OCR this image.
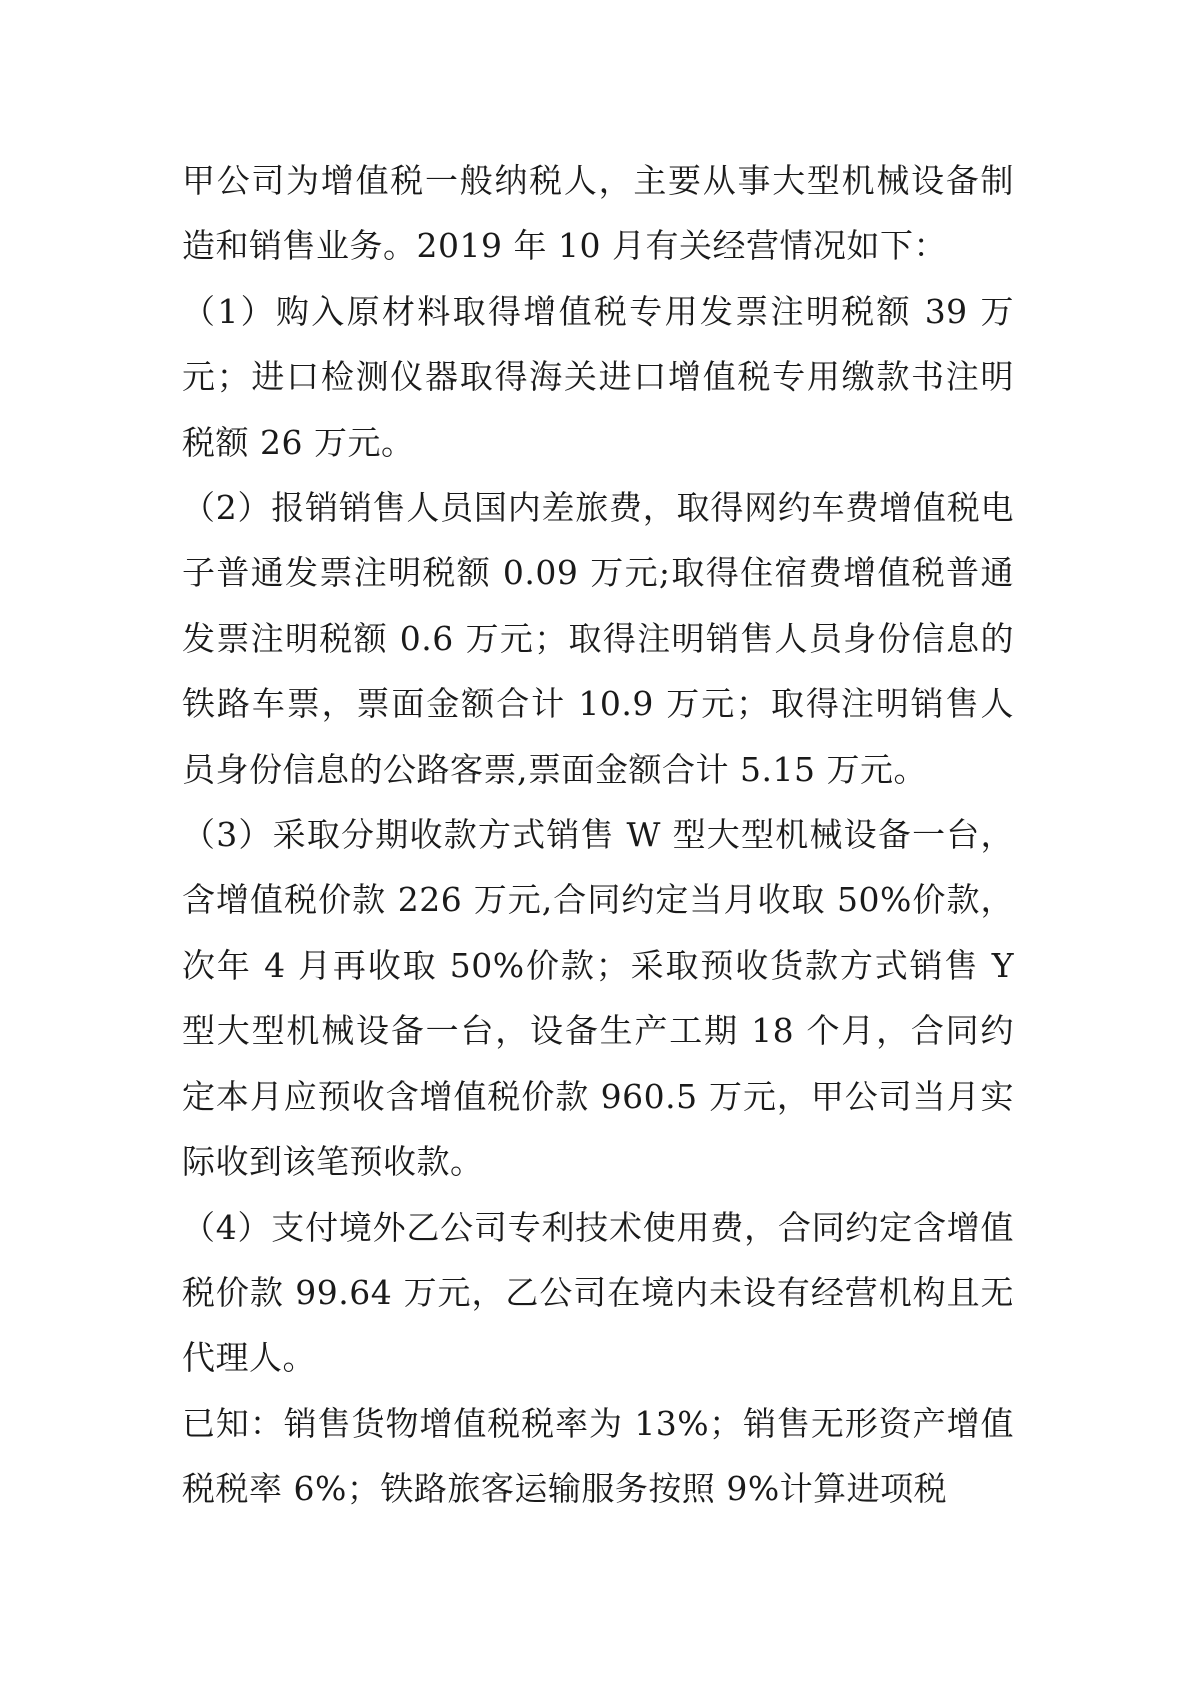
甲公司为增值税一般纳税人，主要从事大型机械设备制造和销售业务。2019 年 10 月有关经营情况如下：

（1）购入原材料取得增值税专用发票注明税额 39 万元；进口检测仪器取得海关进口增值税专用缴款书注明税额 26 万元。

（2）报销销售人员国内差旅费，取得网约车费增值税电子普通发票注明税额 0.09 万元;取得住宿费增值税普通发票注明税额 0.6 万元；取得注明销售人员身份信息的铁路车票，票面金额合计 10.9 万元；取得注明销售人员身份信息的公路客票,票面金额合计 5.15 万元。

（3）采取分期收款方式销售 W 型大型机械设备一台，含增值税价款 226 万元,合同约定当月收取 50%价款，次年 4 月再收取 50%价款；采取预收货款方式销售 Y 型大型机械设备一台，设备生产工期 18 个月，合同约定本月应预收含增值税价款 960.5 万元，甲公司当月实际收到该笔预收款。

（4）支付境外乙公司专利技术使用费，合同约定含增值税价款 99.64 万元，乙公司在境内未设有经营机构且无代理人。

已知：销售货物增值税税率为 13%；销售无形资产增值税税率 6%；铁路旅客运输服务按照 9%计算进项税
